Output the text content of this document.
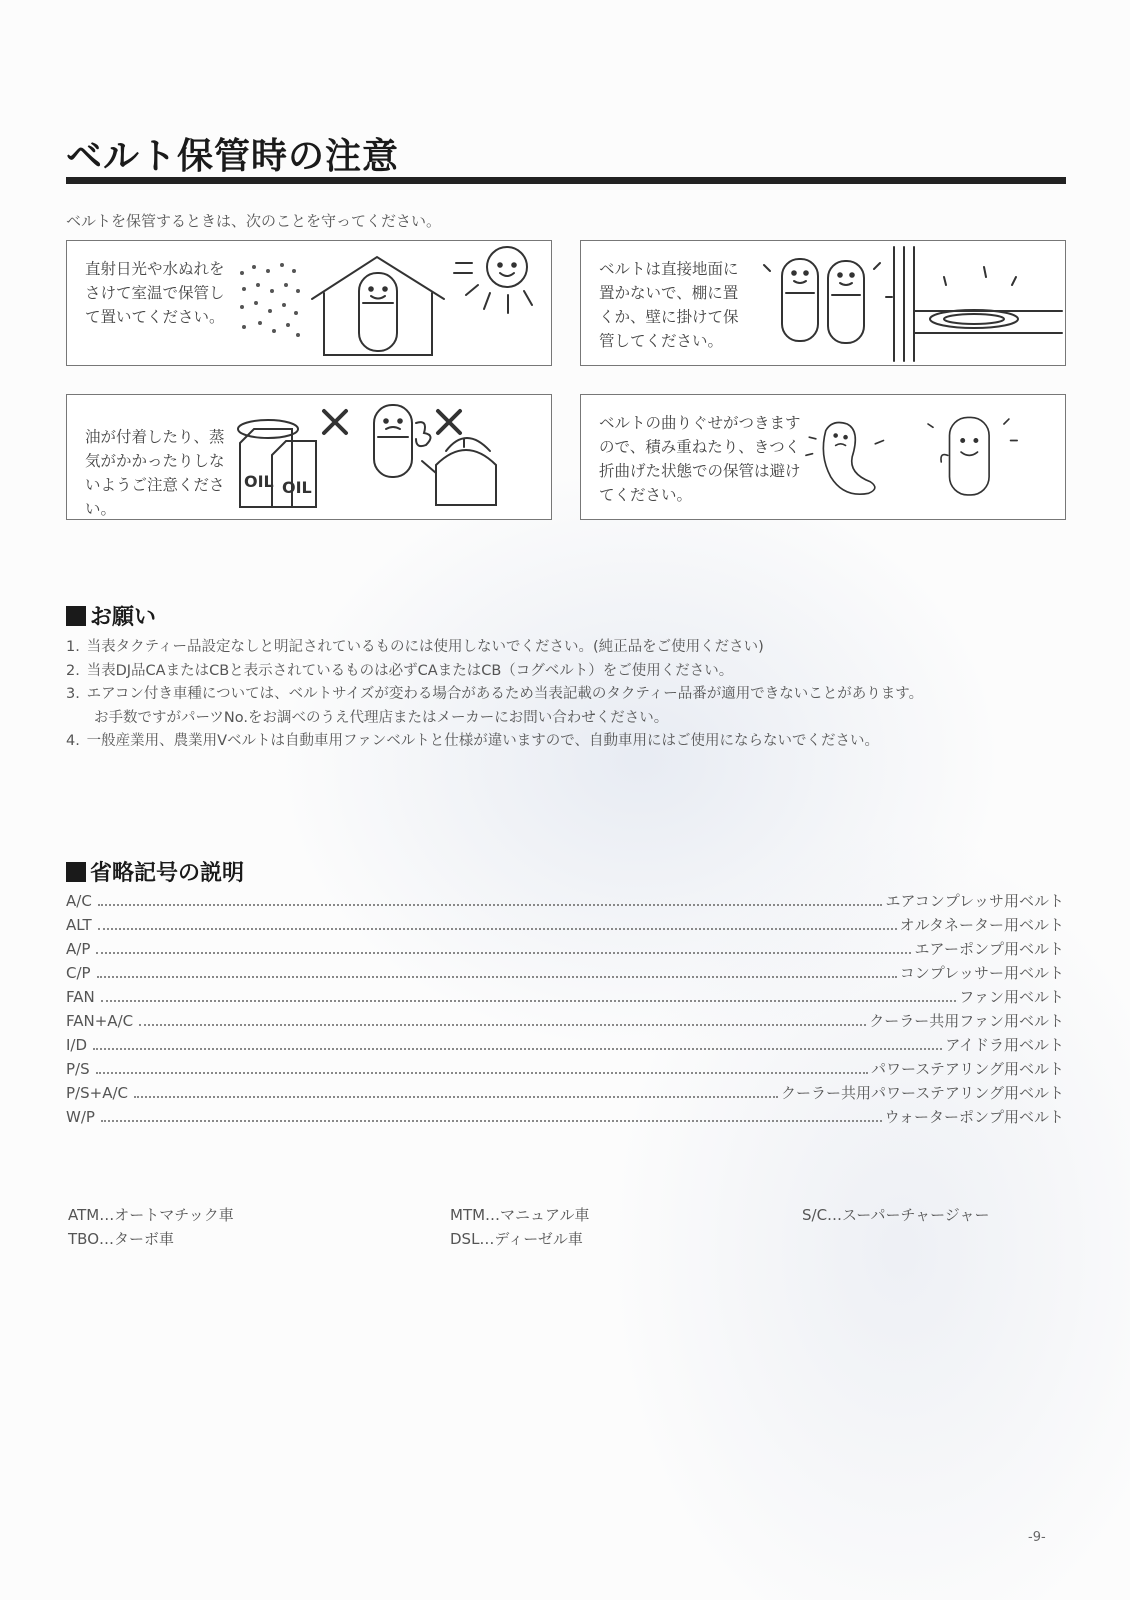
ベルト保管時の注意
ベルトを保管するときは、次のことを守ってください。
直射日光や水ぬれをさけて室温で保管して置いてください。
ベルトは直接地面に置かないで、棚に置くか、壁に掛けて保管してください。
油が付着したり、蒸気がかかったりしないようご注意ください。
OIL OIL
ベルトの曲りぐせがつきますので、積み重ねたり、きつく折曲げた状態での保管は避けてください。
お願い
1. 当表タクティー品設定なしと明記されているものには使用しないでください。(純正品をご使用ください)
2. 当表DJ品CAまたはCBと表示されているものは必ずCAまたはCB（コグベルト）をご使用ください。
3. エアコン付き車種については、ベルトサイズが変わる場合があるため当表記載のタクティー品番が適用できないことがあります。
お手数ですがパーツNo.をお調べのうえ代理店またはメーカーにお問い合わせください。
4. 一般産業用、農業用Vベルトは自動車用ファンベルトと仕様が違いますので、自動車用にはご使用にならないでください。
省略記号の説明
A/C	エアコンプレッサ用ベルト
ALT	オルタネーター用ベルト
A/P	エアーポンプ用ベルト
C/P	コンプレッサー用ベルト
FAN	ファン用ベルト
FAN+A/C	クーラー共用ファン用ベルト
I/D	アイドラ用ベルト
P/S	パワーステアリング用ベルト
P/S+A/C	クーラー共用パワーステアリング用ベルト
W/P	ウォーターポンプ用ベルト
ATM…オートマチック車
TBO…ターボ車
MTM…マニュアル車
DSL…ディーゼル車
S/C…スーパーチャージャー
-9-
